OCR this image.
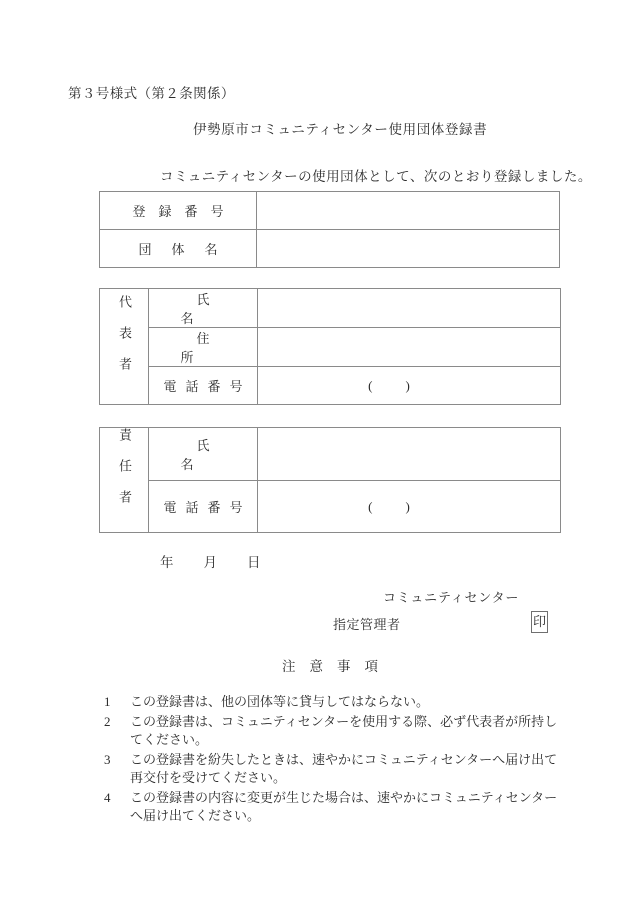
第３号様式（第２条関係）
伊勢原市コミュニティセンター使用団体登録書
コミュニティセンターの使用団体として、次のとおり登録しました。
登録番号	
団体名	
代表者	氏名	
	住所	
	電話番号	( )
責任者	氏名	
	電話番号	( )
年 月 日
コミュニティセンター
指定管理者	印
注意事項
1	この登録書は、他の団体等に貸与してはならない。
2	この登録書は、コミュニティセンターを使用する際、必ず代表者が所持し
てください。
3	この登録書を紛失したときは、速やかにコミュニティセンターへ届け出て
再交付を受けてください。
4	この登録書の内容に変更が生じた場合は、速やかにコミュニティセンター
へ届け出てください。
